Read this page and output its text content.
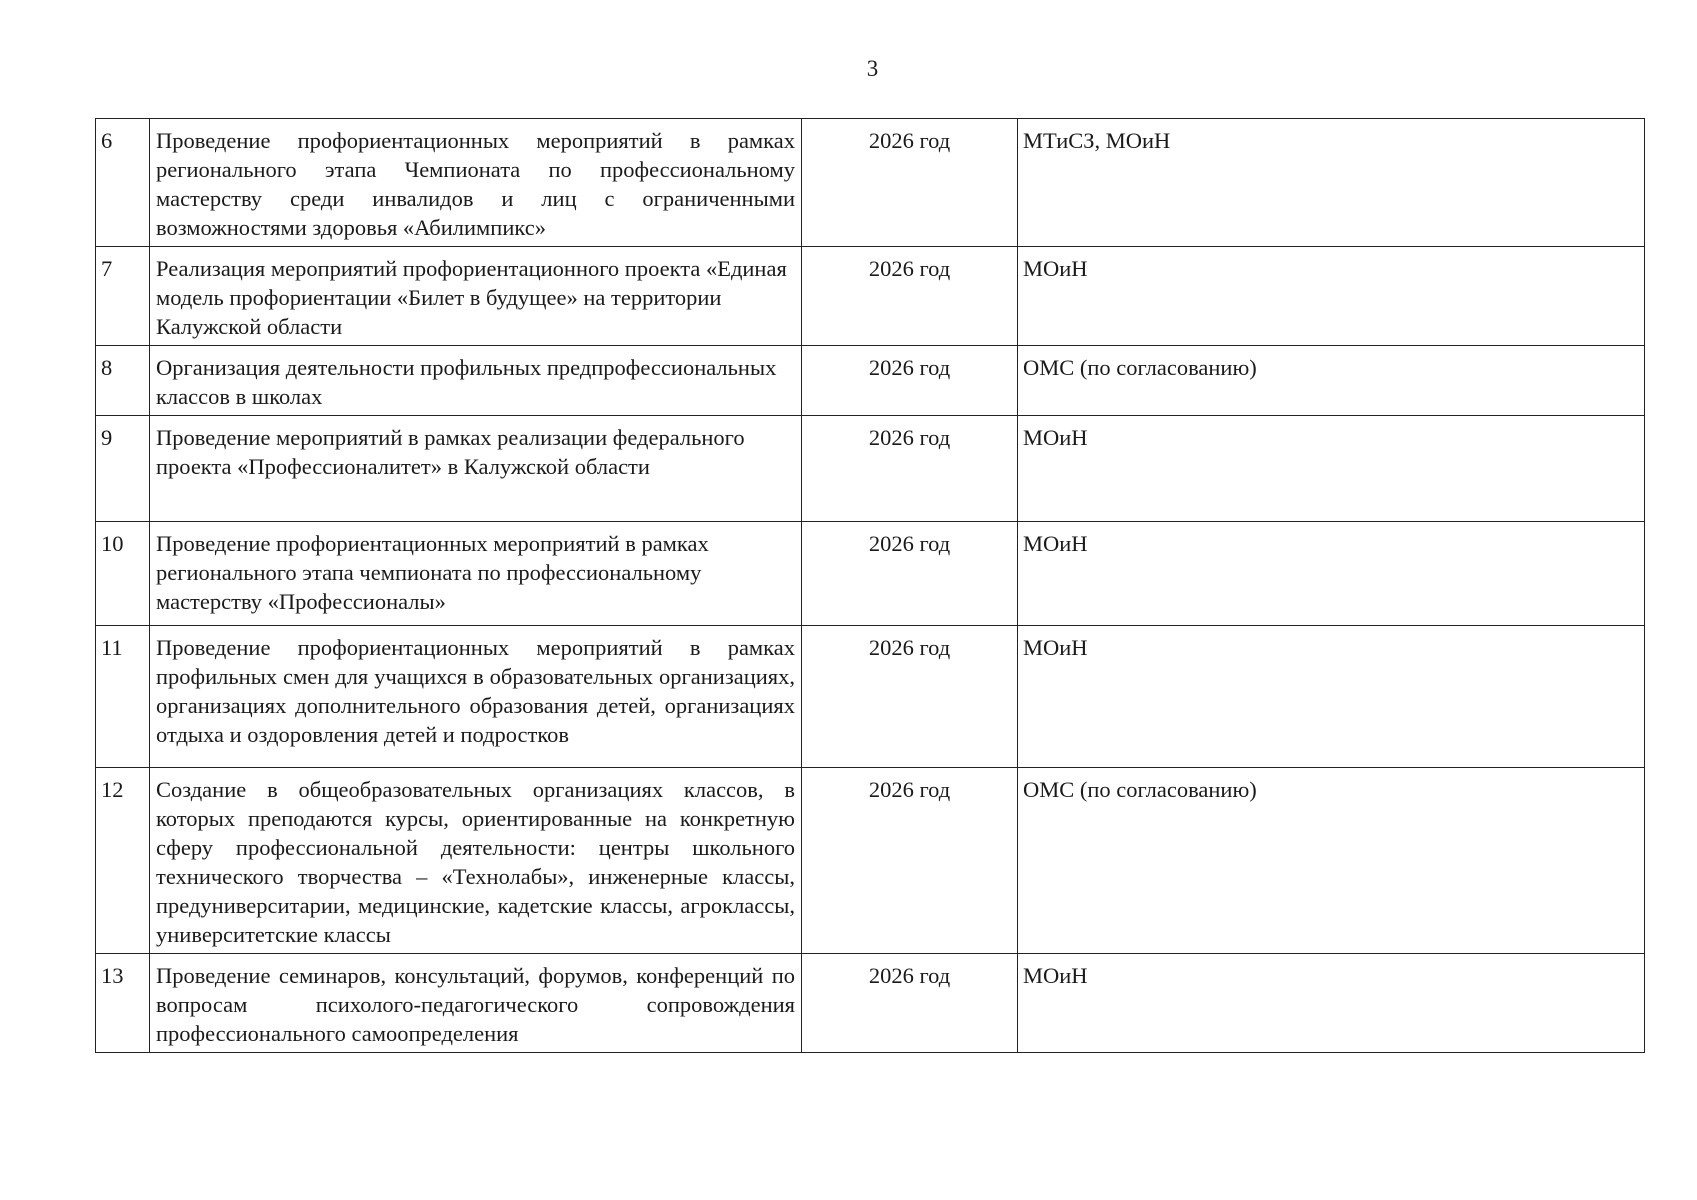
3
6	Проведение профориентационных мероприятий в рамках регионального этапа Чемпионата по профессиональному мастерству среди инвалидов и лиц с ограниченными возможностями здоровья «Абилимпикс»	2026 год	МТиСЗ, МОиН
7	Реализация мероприятий профориентационного проекта «Единая модель профориентации «Билет в будущее» на территории Калужской области	2026 год	МОиН
8	Организация деятельности профильных предпрофессиональных классов в школах	2026 год	ОМС (по согласованию)
9	Проведение мероприятий в рамках реализации федерального проекта «Профессионалитет» в Калужской области	2026 год	МОиН
10	Проведение профориентационных мероприятий в рамках регионального этапа чемпионата по профессиональному мастерству «Профессионалы»	2026 год	МОиН
11	Проведение профориентационных мероприятий в рамках профильных смен для учащихся в образовательных организациях, организациях дополнительного образования детей, организациях отдыха и оздоровления детей и подростков	2026 год	МОиН
12	Создание в общеобразовательных организациях классов, в которых преподаются курсы, ориентированные на конкретную сферу профессиональной деятельности: центры школьного технического творчества – «Технолабы», инженерные классы, предуниверситарии, медицинские, кадетские классы, агроклассы, университетские классы	2026 год	ОМС (по согласованию)
13	Проведение семинаров, консультаций, форумов, конференций по вопросам психолого-педагогического сопровождения профессионального самоопределения	2026 год	МОиН
